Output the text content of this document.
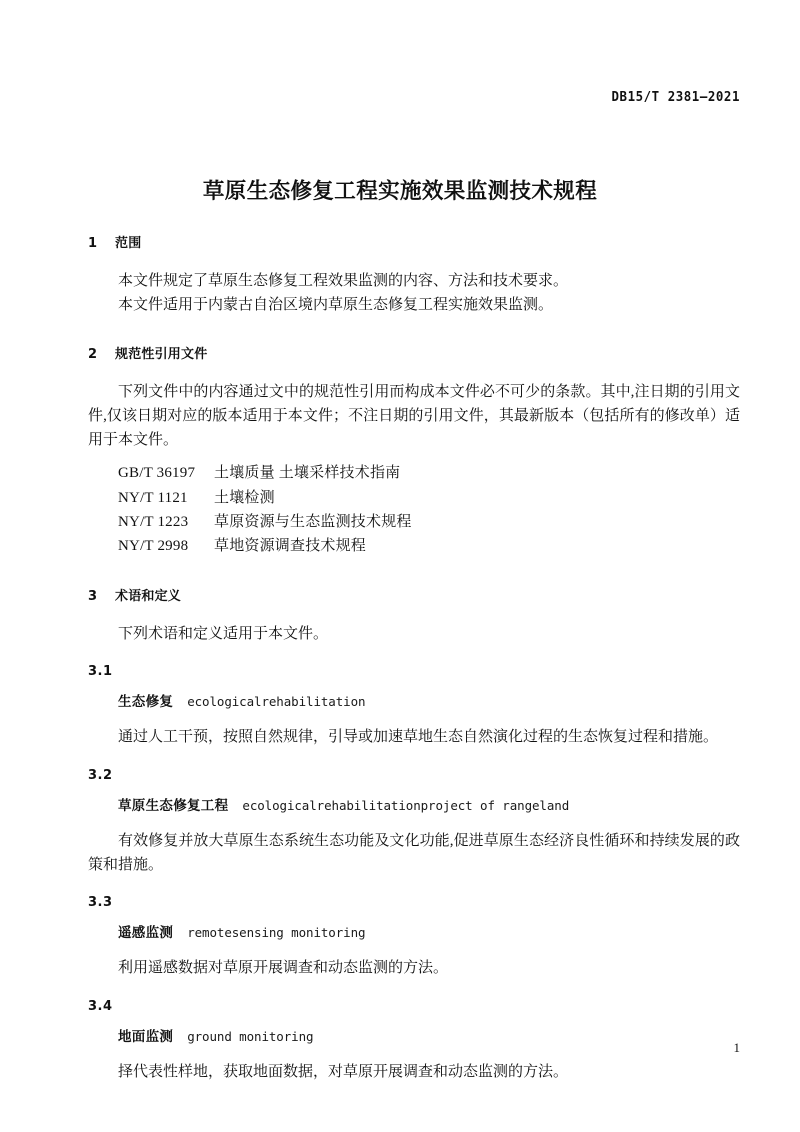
DB15/T 2381—2021
草原生态修复工程实施效果监测技术规程

1 范围

本文件规定了草原生态修复工程效果监测的内容、方法和技术要求。

本文件适用于内蒙古自治区境内草原生态修复工程实施效果监测。

2 规范性引用文件

下列文件中的内容通过文中的规范性引用而构成本文件必不可少的条款。其中,注日期的引用文件,仅该日期对应的版本适用于本文件；不注日期的引用文件，其最新版本（包括所有的修改单）适用于本文件。

GB/T 36197 土壤质量 土壤采样技术指南
NY/T 1121 土壤检测
NY/T 1223 草原资源与生态监测技术规程
NY/T 2998 草地资源调查技术规程

3 术语和定义

下列术语和定义适用于本文件。

3.1

生态修复 ecologicalrehabilitation

通过人工干预，按照自然规律，引导或加速草地生态自然演化过程的生态恢复过程和措施。

3.2

草原生态修复工程 ecologicalrehabilitationproject of rangeland

有效修复并放大草原生态系统生态功能及文化功能,促进草原生态经济良性循环和持续发展的政策和措施。

3.3

遥感监测 remotesensing monitoring

利用遥感数据对草原开展调查和动态监测的方法。

3.4

地面监测 ground monitoring

择代表性样地，获取地面数据，对草原开展调查和动态监测的方法。

1
